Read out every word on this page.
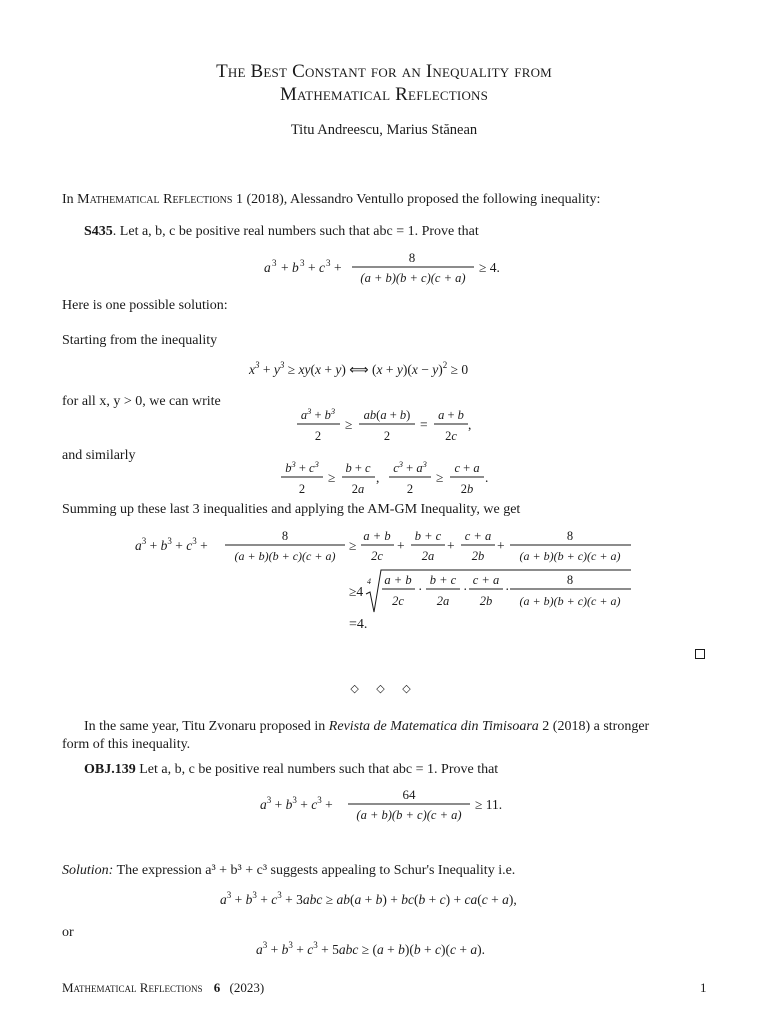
The Best Constant for an Inequality from
Mathematical Reflections
Titu Andreescu, Marius Stănean
In Mathematical Reflections 1 (2018), Alessandro Ventullo proposed the following inequality:
S435. Let a, b, c be positive real numbers such that abc = 1. Prove that
a 3 + b 3 + c 3 +
8
(a + b)(b + c)(c + a)
≥ 4.
Here is one possible solution:
Starting from the inequality
$x^3 + y^3 \ge xy(x + y)$ ⟺ $(x + y)(x - y)^2 \ge 0$
for all x, y > 0, we can write
$a^3 + b^3$
2
≥
ab(a + b)
2
=
a + b
2c
,
and similarly
$b^3 + c^3$
2
≥
b + c
2a
,
$c^3 + a^3$
2
≥
c + a
2b
.
Summing up these last 3 inequalities and applying the AM-GM Inequality, we get
$a^3 + b^3 + c^3$ +
8
(a + b)(b + c)(c + a)
≥
a + b
2c
+
b + c
2a
+
c + a
2b
+
8
(a + b)(b + c)(c + a)
≥4
4 a + b
2c
·
b + c
2a
·
c + a
2b
·
8
(a + b)(b + c)(c + a)
=4.
◇ ◇ ◇
In the same year, Titu Zvonaru proposed in Revista de Matematica din Timisoara 2 (2018) a stronger
form of this inequality.
OBJ.139 Let a, b, c be positive real numbers such that abc = 1. Prove that
$a^3 + b^3 + c^3$ +
64
(a + b)(b + c)(c + a)
≥ 11.
Solution: The expression a³ + b³ + c³ suggests appealing to Schur's Inequality i.e.
$a^3 + b^3 + c^3 + 3abc \ge ab(a + b) + bc(b + c) + ca(c + a)$,
or
$a^3 + b^3 + c^3 + 5abc \ge (a + b)(b + c)(c + a)$.
Mathematical Reflections 6 (2023)	1
